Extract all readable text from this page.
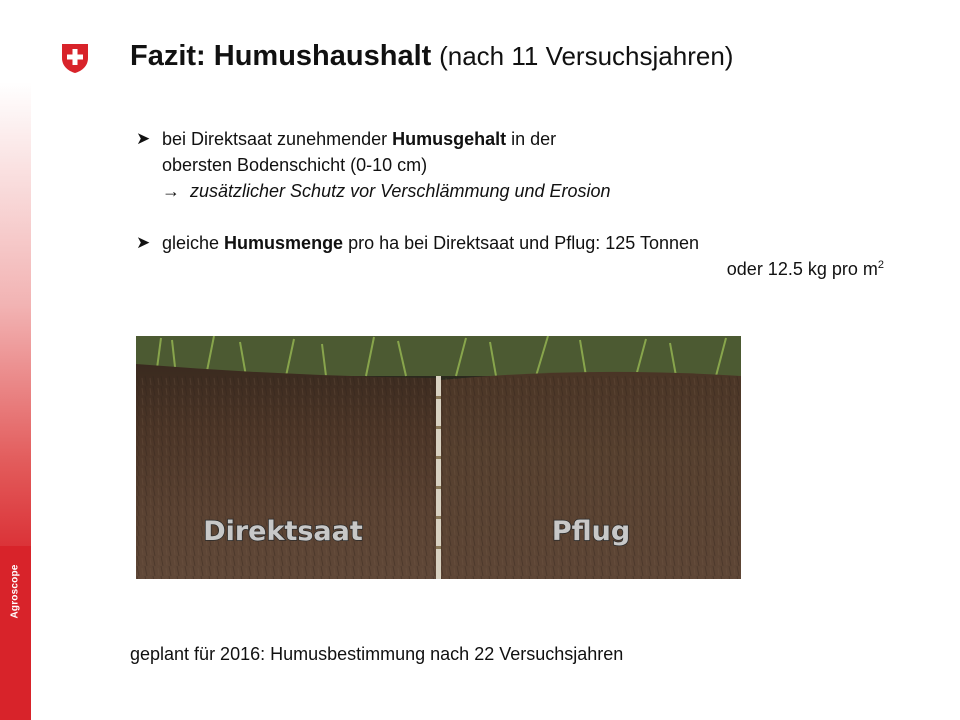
Agroscope
Fazit: Humushaushalt (nach 11 Versuchsjahren)
➤ bei Direktsaat zunehmender Humusgehalt in der
obersten Bodenschicht (0-10 cm)
→ zusätzlicher Schutz vor Verschlämmung und Erosion
➤ gleiche Humusmenge pro ha bei Direktsaat und Pflug: 125 Tonnen
oder 12.5 kg pro $m^2$
Direktsaat	Pflug
geplant für 2016: Humusbestimmung nach 22 Versuchsjahren
